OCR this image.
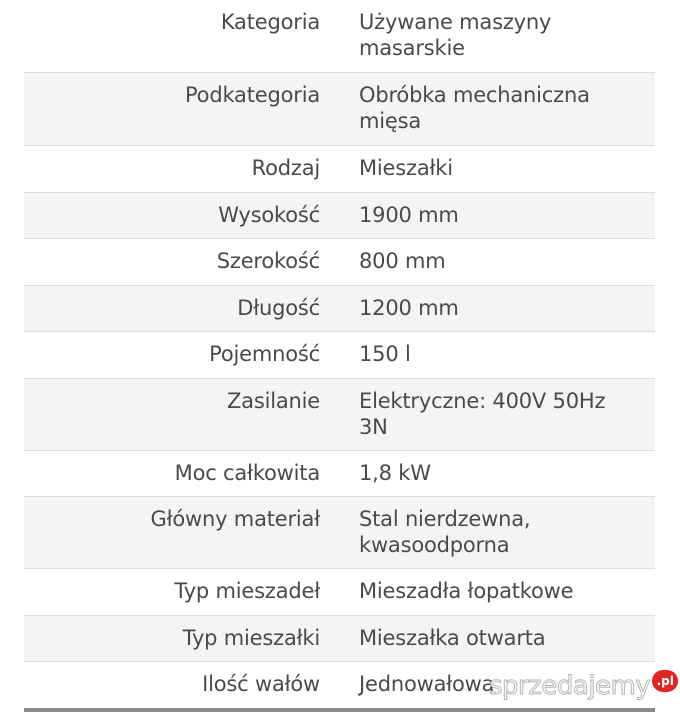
Kategoria Używane maszyny
masarskie
Podkategoria Obróbka mechaniczna
mięsa
Rodzaj Mieszałki
Wysokość 1900 mm
Szerokość 800 mm
Długość 1200 mm
Pojemność 150 l
Zasilanie Elektryczne: 400V 50Hz
3N
Moc całkowita 1,8 kW
Główny materiał Stal nierdzewna,
kwasoodporna
Typ mieszadeł Mieszadła łopatkowe
Typ mieszałki Mieszałka otwarta
Ilość wałów Jednowałowa
sprzedajemy .pl
